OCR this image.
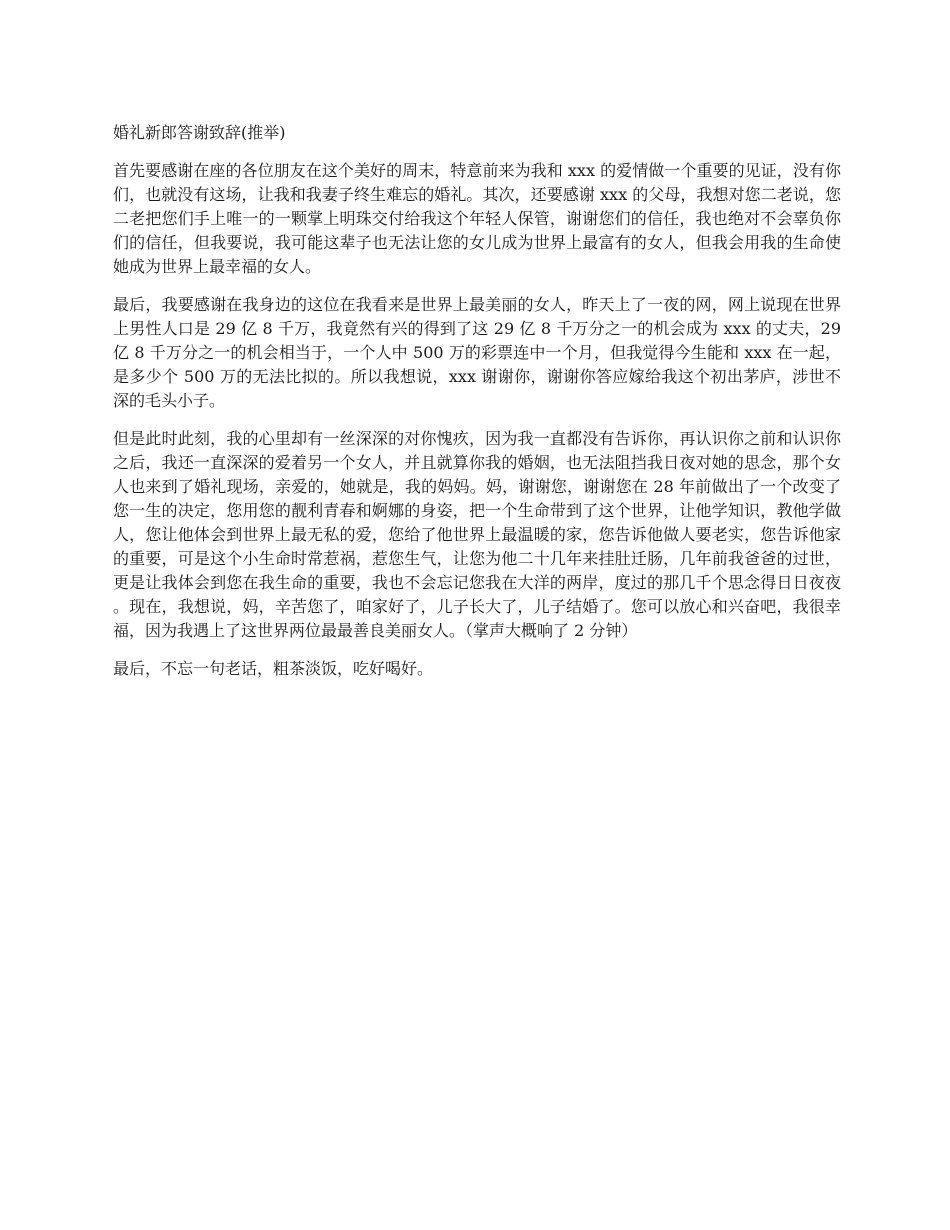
婚礼新郎答谢致辞(推举)

首先要感谢在座的各位朋友在这个美好的周末，特意前来为我和 xxx 的爱情做一个重要的见证，没有你们，也就没有这场，让我和我妻子终生难忘的婚礼。其次，还要感谢 xxx 的父母，我想对您二老说，您二老把您们手上唯一的一颗掌上明珠交付给我这个年轻人保管，谢谢您们的信任，我也绝对不会辜负你们的信任，但我要说，我可能这辈子也无法让您的女儿成为世界上最富有的女人，但我会用我的生命使她成为世界上最幸福的女人。

最后，我要感谢在我身边的这位在我看来是世界上最美丽的女人，昨天上了一夜的网，网上说现在世界上男性人口是 29 亿 8 千万，我竟然有兴的得到了这 29 亿 8 千万分之一的机会成为 xxx 的丈夫，29 亿 8 千万分之一的机会相当于，一个人中 500 万的彩票连中一个月，但我觉得今生能和 xxx 在一起，是多少个 500 万的无法比拟的。所以我想说，xxx 谢谢你，谢谢你答应嫁给我这个初出茅庐，涉世不深的毛头小子。

但是此时此刻，我的心里却有一丝深深的对你愧疚，因为我一直都没有告诉你，再认识你之前和认识你之后，我还一直深深的爱着另一个女人，并且就算你我的婚姻，也无法阻挡我日夜对她的思念，那个女人也来到了婚礼现场，亲爱的，她就是，我的妈妈。妈，谢谢您，谢谢您在 28 年前做出了一个改变了您一生的决定，您用您的靓利青春和婀娜的身姿，把一个生命带到了这个世界，让他学知识，教他学做人，您让他体会到世界上最无私的爱，您给了他世界上最温暖的家，您告诉他做人要老实，您告诉他家的重要，可是这个小生命时常惹祸，惹您生气，让您为他二十几年来挂肚迁肠，几年前我爸爸的过世，更是让我体会到您在我生命的重要，我也不会忘记您我在大洋的两岸，度过的那几千个思念得日日夜夜。现在，我想说，妈，辛苦您了，咱家好了，儿子长大了，儿子结婚了。您可以放心和兴奋吧，我很幸福，因为我遇上了这世界两位最最善良美丽女人。（掌声大概响了 2 分钟）

最后，不忘一句老话，粗茶淡饭，吃好喝好。
